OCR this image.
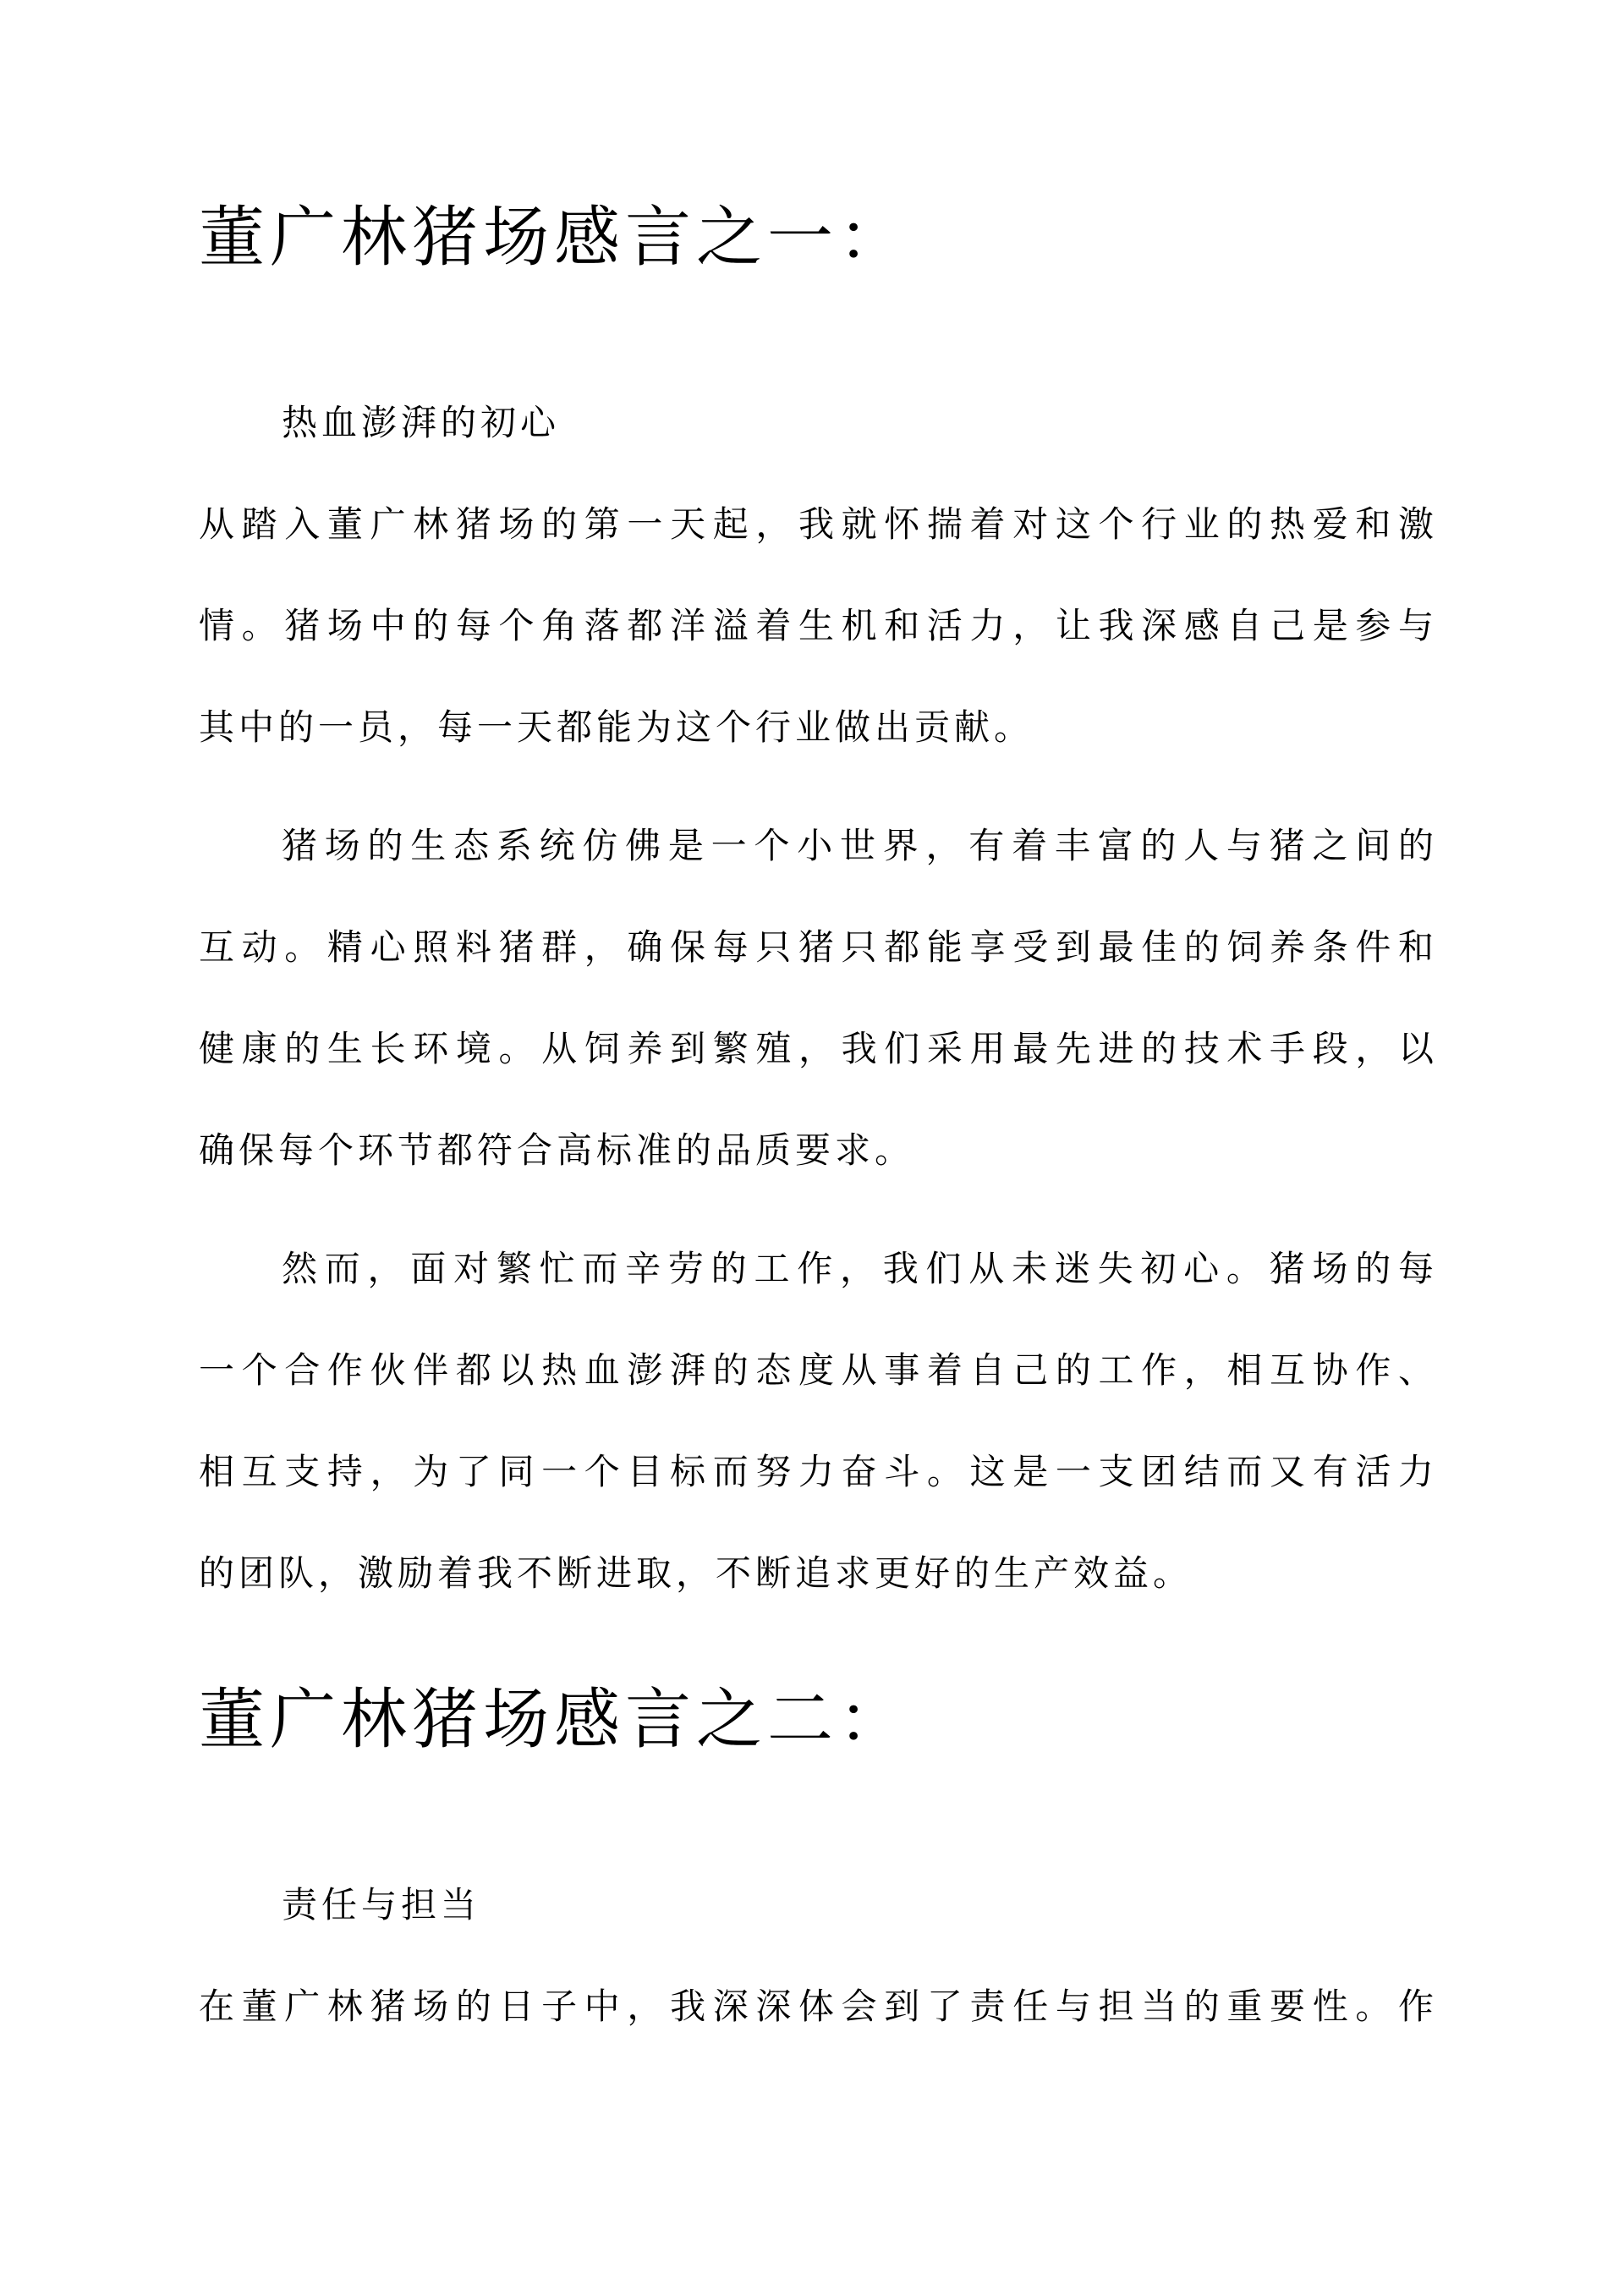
董广林猪场感言之一：

热血澎湃的初心

从踏入董广林猪场的第一天起，我就怀揣着对这个行业的热爱和激

情。猪场中的每个角落都洋溢着生机和活力，让我深感自己是参与

其中的一员，每一天都能为这个行业做出贡献。

猪场的生态系统仿佛是一个小世界，有着丰富的人与猪之间的

互动。精心照料猪群，确保每只猪只都能享受到最佳的饲养条件和

健康的生长环境。从饲养到繁殖，我们采用最先进的技术手段，以

确保每个环节都符合高标准的品质要求。

然而，面对繁忙而辛劳的工作，我们从未迷失初心。猪场的每

一个合作伙伴都以热血澎湃的态度从事着自己的工作，相互协作、

相互支持，为了同一个目标而努力奋斗。这是一支团结而又有活力

的团队，激励着我不断进取，不断追求更好的生产效益。

董广林猪场感言之二：

责任与担当

在董广林猪场的日子中，我深深体会到了责任与担当的重要性。作
